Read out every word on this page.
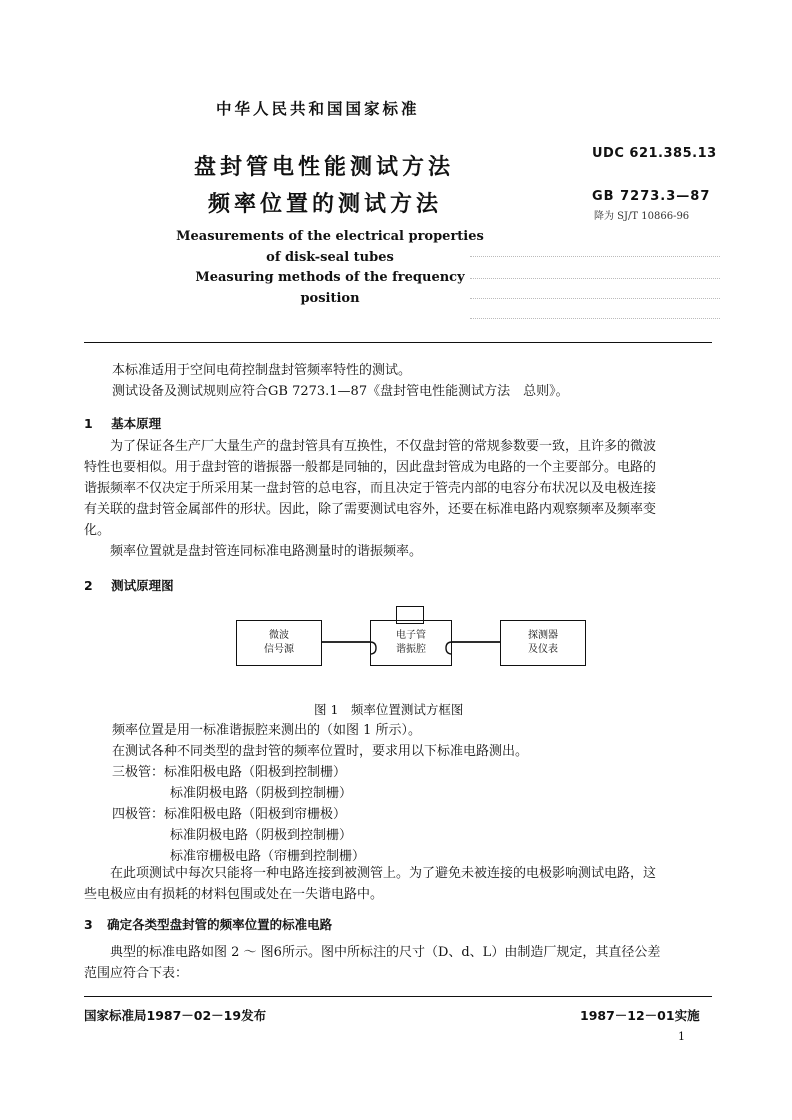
中华人民共和国国家标准
UDC 621.385.13
GB 7273.3—87
降为 SJ/T 10866-96
盘封管电性能测试方法
频率位置的测试方法
Measurements of the electrical properties
of disk-seal tubes
Measuring methods of the frequency
position
本标准适用于空间电荷控制盘封管频率特性的测试。
测试设备及测试规则应符合GB 7273.1—87《盘封管电性能测试方法　总则》。
1 基本原理
为了保证各生产厂大量生产的盘封管具有互换性，不仅盘封管的常规参数要一致，且许多的微波
特性也要相似。用于盘封管的谐振器一般都是同轴的，因此盘封管成为电路的一个主要部分。电路的
谐振频率不仅决定于所采用某一盘封管的总电容，而且决定于管壳内部的电容分布状况以及电极连接
有关联的盘封管金属部件的形状。因此，除了需要测试电容外，还要在标准电路内观察频率及频率变
化。
频率位置就是盘封管连同标准电路测量时的谐振频率。
2 测试原理图
微波
信号源
电子管
谐振腔
探测器
及仪表
图 1　频率位置测试方框图
频率位置是用一标准谐振腔来测出的（如图 1 所示）。
在测试各种不同类型的盘封管的频率位置时，要求用以下标准电路测出。
三极管：标准阳极电路（阳极到控制栅）
标准阴极电路（阴极到控制栅）
四极管：标准阳极电路（阳极到帘栅极）
标准阴极电路（阴极到控制栅）
标准帘栅极电路（帘栅到控制栅）
在此项测试中每次只能将一种电路连接到被测管上。为了避免未被连接的电极影响测试电路，这
些电极应由有损耗的材料包围或处在一失谐电路中。
3 确定各类型盘封管的频率位置的标准电路
典型的标准电路如图 2 ～ 图6所示。图中所标注的尺寸（D、d、L）由制造厂规定，其直径公差
范围应符合下表：
国家标准局1987－02－19发布	1987－12－01实施
1
